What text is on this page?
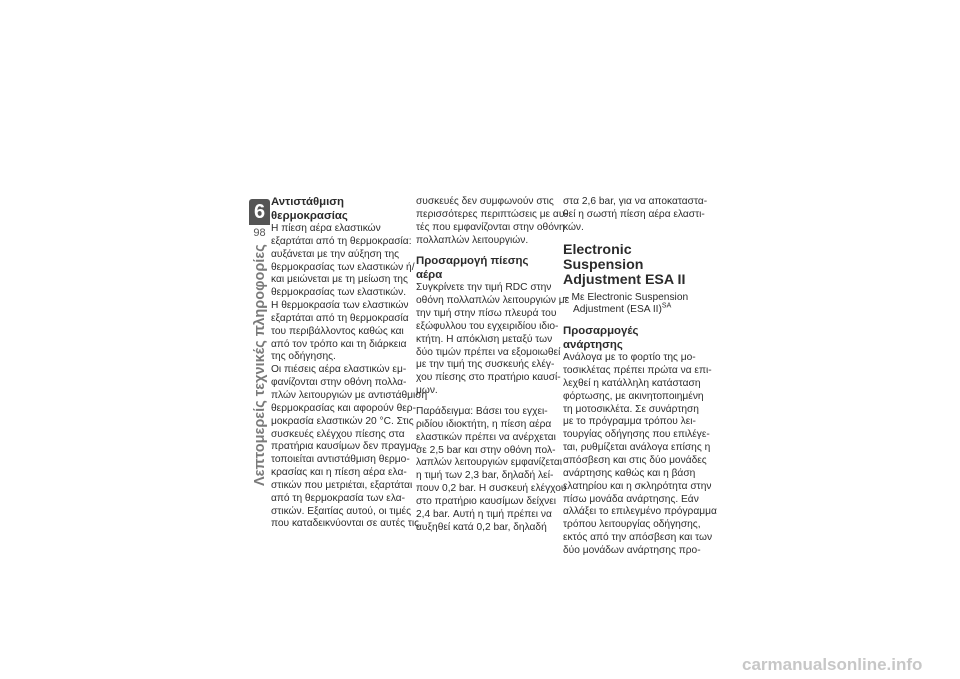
6
98
Λεπτομερείς τεχνικές πληροφορίες
Αντιστάθμιση
θερμοκρασίας
Η πίεση αέρα ελαστικών
εξαρτάται από τη θερμοκρασία:
αυξάνεται με την αύξηση της
θερμοκρασίας των ελαστικών ή/
και μειώνεται με τη μείωση της
θερμοκρασίας των ελαστικών.
Η θερμοκρασία των ελαστικών
εξαρτάται από τη θερμοκρασία
του περιβάλλοντος καθώς και
από τον τρόπο και τη διάρκεια
της οδήγησης.
Οι πιέσεις αέρα ελαστικών εμ-
φανίζονται στην οθόνη πολλα-
πλών λειτουργιών με αντιστάθμιση
θερμοκρασίας και αφορούν θερ-
μοκρασία ελαστικών 20 °C. Στις
συσκευές ελέγχου πίεσης στα
πρατήρια καυσίμων δεν πραγμα-
τοποιείται αντιστάθμιση θερμο-
κρασίας και η πίεση αέρα ελα-
στικών που μετριέται, εξαρτάται
από τη θερμοκρασία των ελα-
στικών. Εξαιτίας αυτού, οι τιμές
που καταδεικνύονται σε αυτές τις
συσκευές δεν συμφωνούν στις
περισσότερες περιπτώσεις με αυ-
τές που εμφανίζονται στην οθόνη
πολλαπλών λειτουργιών.
Προσαρμογή πίεσης αέρα
Συγκρίνετε την τιμή RDC στην
οθόνη πολλαπλών λειτουργιών με
την τιμή στην πίσω πλευρά του
εξώφυλλου του εγχειριδίου ιδιο-
κτήτη. Η απόκλιση μεταξύ των
δύο τιμών πρέπει να εξομοιωθεί
με την τιμή της συσκευής ελέγ-
χου πίεσης στο πρατήριο καυσί-
μων.
Παράδειγμα: Βάσει του εγχει-
ριδίου ιδιοκτήτη, η πίεση αέρα
ελαστικών πρέπει να ανέρχεται
σε 2,5 bar και στην οθόνη πολ-
λαπλών λειτουργιών εμφανίζεται
η τιμή των 2,3 bar, δηλαδή λεί-
πουν 0,2 bar. Η συσκευή ελέγχου
στο πρατήριο καυσίμων δείχνει
2,4 bar. Αυτή η τιμή πρέπει να
αυξηθεί κατά 0,2 bar, δηλαδή
στα 2,6 bar, για να αποκαταστα-
θεί η σωστή πίεση αέρα ελαστι-
κών.
Electronic Suspension
Adjustment ESA II
– Με Electronic Suspension
Adjustment (ESA II)$^{SA}$
Προσαρμογές ανάρτησης
Ανάλογα με το φορτίο της μο-
τοσικλέτας πρέπει πρώτα να επι-
λεχθεί η κατάλληλη κατάσταση
φόρτωσης, με ακινητοποιημένη
τη μοτοσικλέτα. Σε συνάρτηση
με το πρόγραμμα τρόπου λει-
τουργίας οδήγησης που επιλέγε-
ται, ρυθμίζεται ανάλογα επίσης η
απόσβεση και στις δύο μονάδες
ανάρτησης καθώς και η βάση
ελατηρίου και η σκληρότητα στην
πίσω μονάδα ανάρτησης. Εάν
αλλάξει το επιλεγμένο πρόγραμμα
τρόπου λειτουργίας οδήγησης,
εκτός από την απόσβεση και των
δύο μονάδων ανάρτησης προ-
carmanualsonline.info
